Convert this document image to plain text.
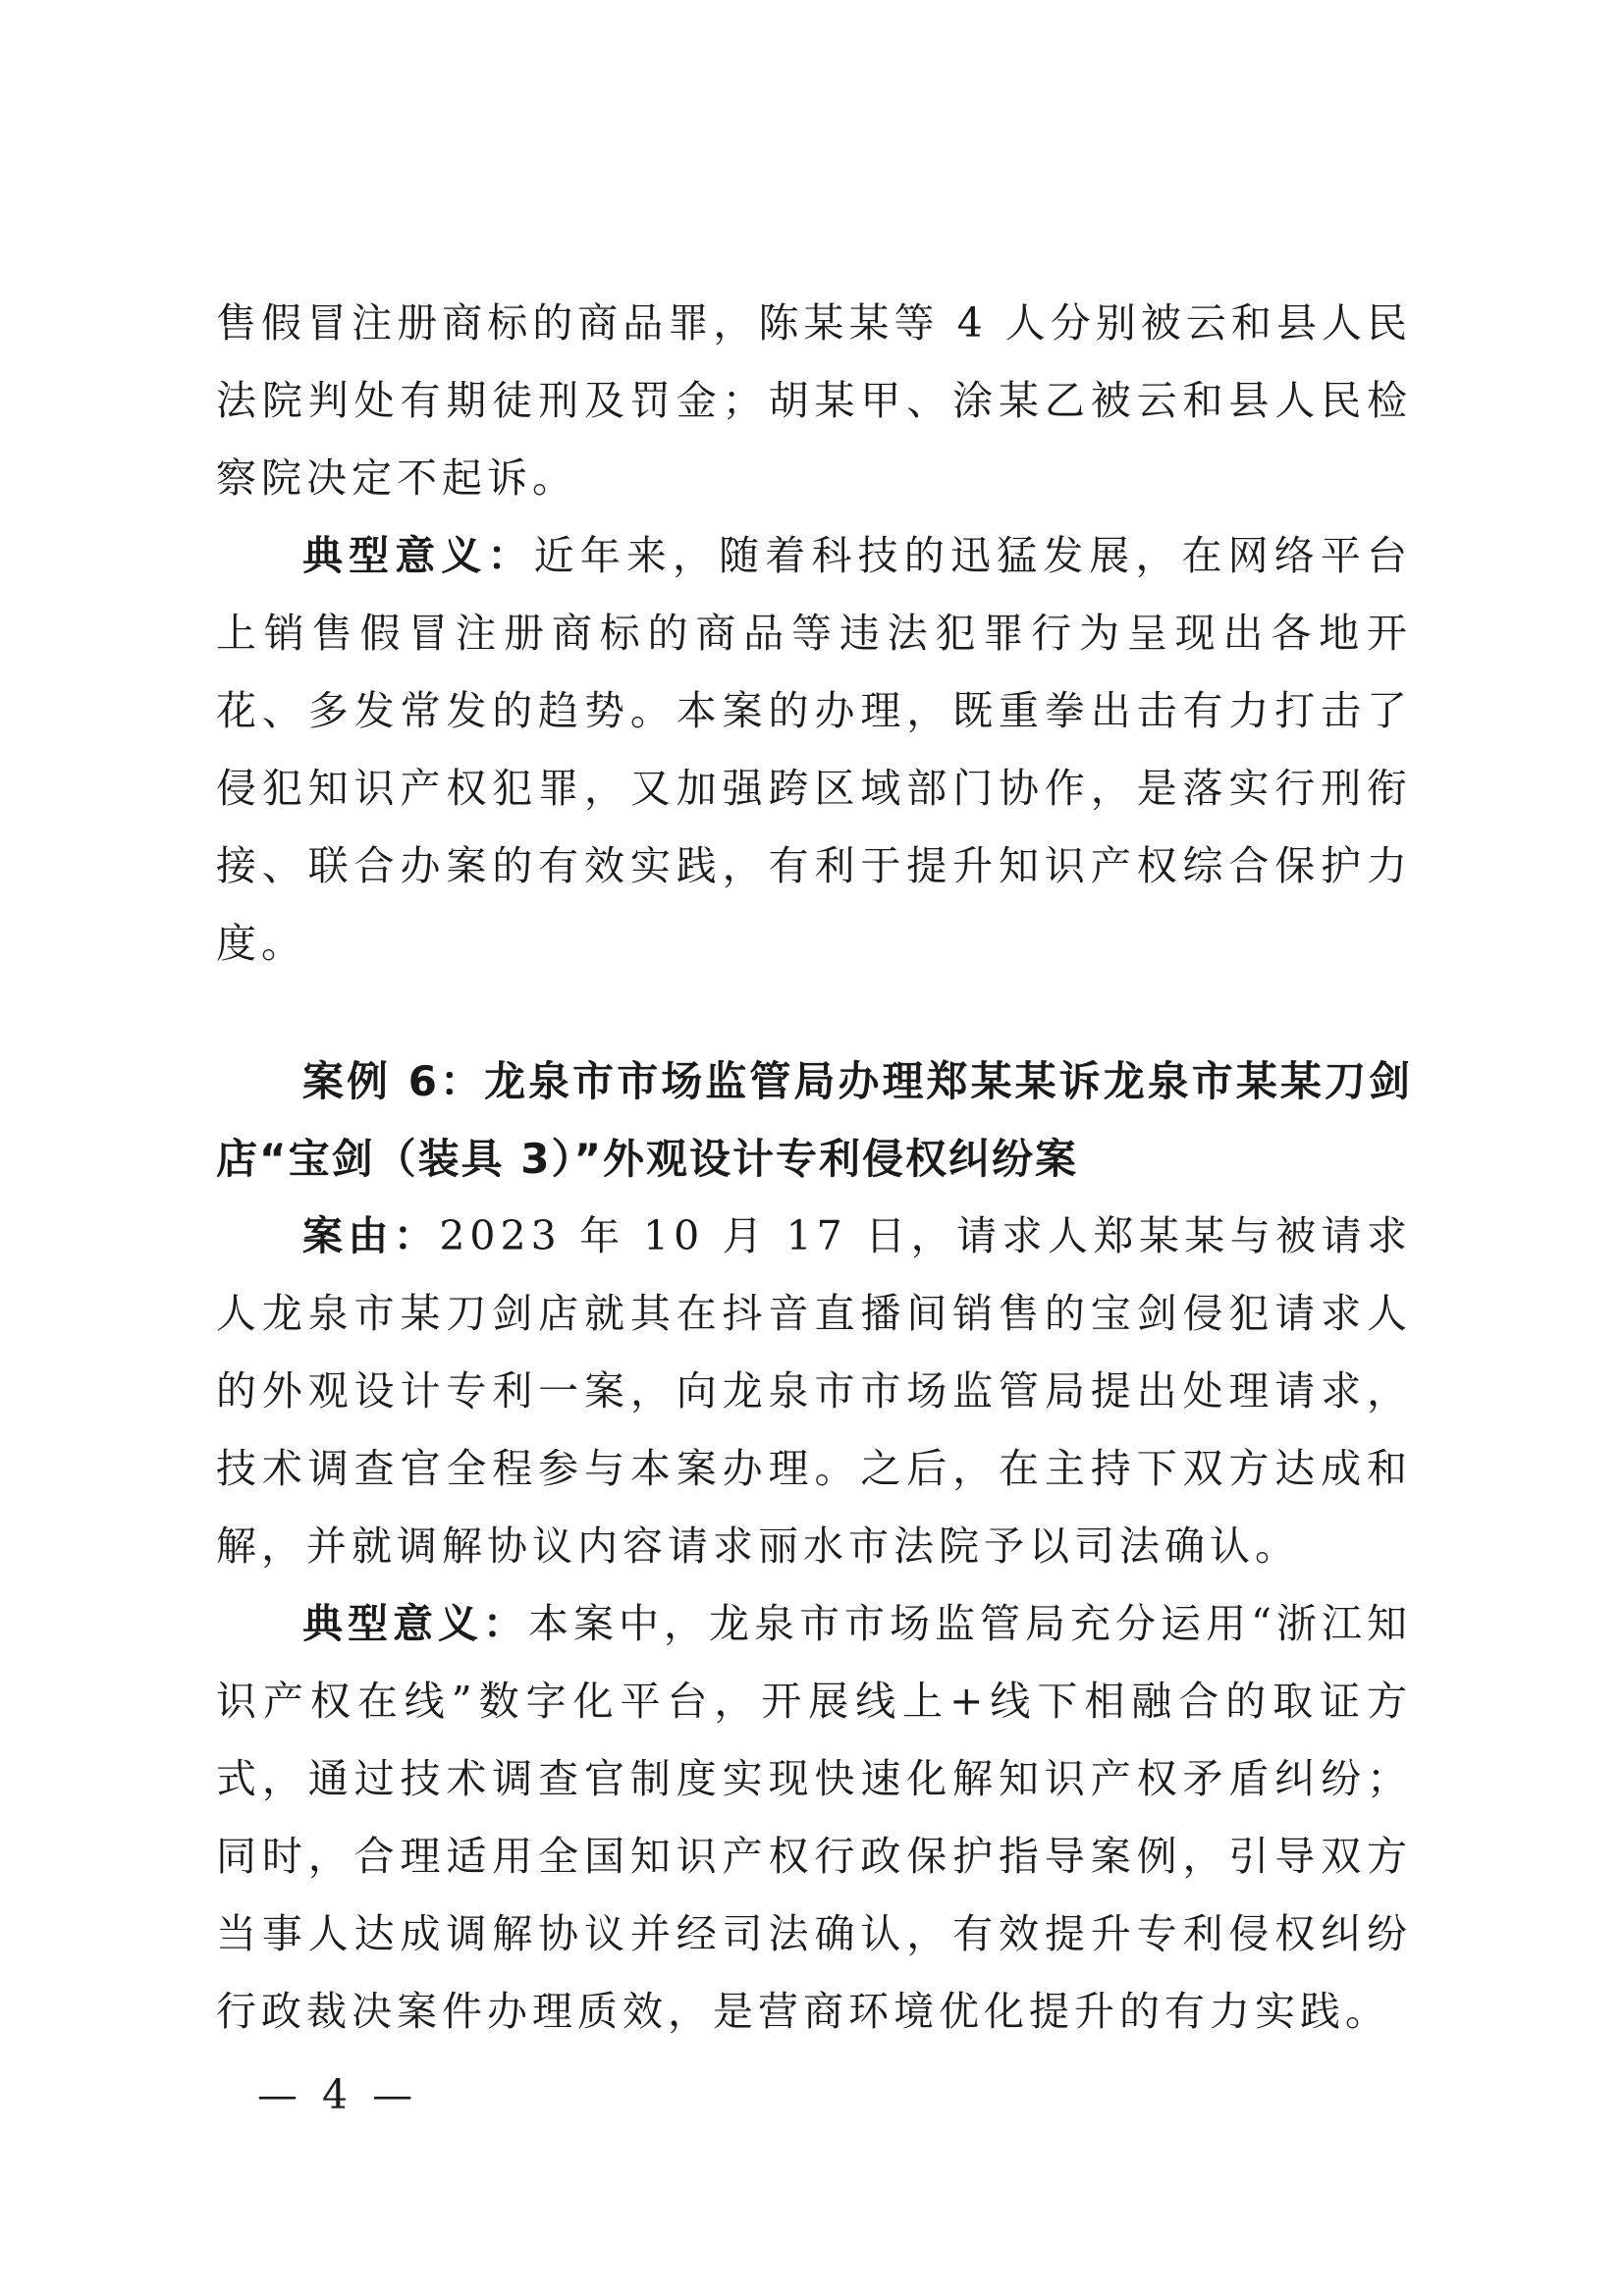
售假冒注册商标的商品罪，陈某某等 4 人分别被云和县人民法院判处有期徒刑及罚金；胡某甲、涂某乙被云和县人民检察院决定不起诉。

典型意义：近年来，随着科技的迅猛发展，在网络平台上销售假冒注册商标的商品等违法犯罪行为呈现出各地开花、多发常发的趋势。本案的办理，既重拳出击有力打击了侵犯知识产权犯罪，又加强跨区域部门协作，是落实行刑衔接、联合办案的有效实践，有利于提升知识产权综合保护力度。

案例 6：龙泉市市场监管局办理郑某某诉龙泉市某某刀剑店“宝剑（装具 3）”外观设计专利侵权纠纷案

案由：2023 年 10 月 17 日，请求人郑某某与被请求人龙泉市某刀剑店就其在抖音直播间销售的宝剑侵犯请求人的外观设计专利一案，向龙泉市市场监管局提出处理请求，技术调查官全程参与本案办理。之后，在主持下双方达成和解，并就调解协议内容请求丽水市法院予以司法确认。

典型意义：本案中，龙泉市市场监管局充分运用“浙江知识产权在线”数字化平台，开展线上+线下相融合的取证方式，通过技术调查官制度实现快速化解知识产权矛盾纠纷；同时，合理适用全国知识产权行政保护指导案例，引导双方当事人达成调解协议并经司法确认，有效提升专利侵权纠纷行政裁决案件办理质效，是营商环境优化提升的有力实践。

— 4 —
